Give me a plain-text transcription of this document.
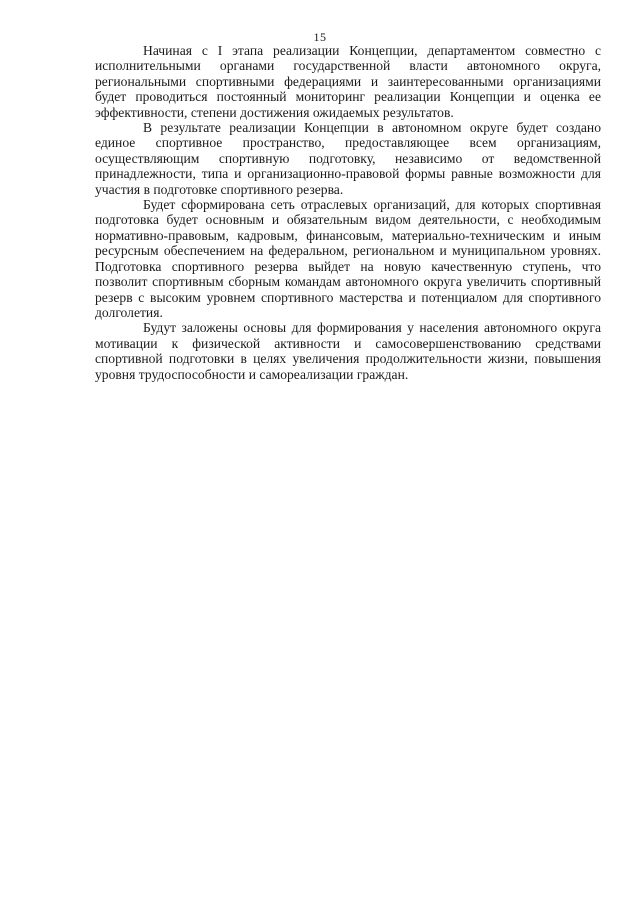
15

Начиная с I этапа реализации Концепции, департаментом совместно с исполнительными органами государственной власти автономного округа, региональными спортивными федерациями и заинтересованными организациями будет проводиться постоянный мониторинг реализации Концепции и оценка ее эффективности, степени достижения ожидаемых результатов.

В результате реализации Концепции в автономном округе будет создано единое спортивное пространство, предоставляющее всем организациям, осуществляющим спортивную подготовку, независимо от ведомственной принадлежности, типа и организационно-правовой формы равные возможности для участия в подготовке спортивного резерва.

Будет сформирована сеть отраслевых организаций, для которых спортивная подготовка будет основным и обязательным видом деятельности, с необходимым нормативно-правовым, кадровым, финансовым, материально-техническим и иным ресурсным обеспечением на федеральном, региональном и муниципальном уровнях. Подготовка спортивного резерва выйдет на новую качественную ступень, что позволит спортивным сборным командам автономного округа увеличить спортивный резерв с высоким уровнем спортивного мастерства и потенциалом для спортивного долголетия.

Будут заложены основы для формирования у населения автономного округа мотивации к физической активности и самосовершенствованию средствами спортивной подготовки в целях увеличения продолжительности жизни, повышения уровня трудоспособности и самореализации граждан.
